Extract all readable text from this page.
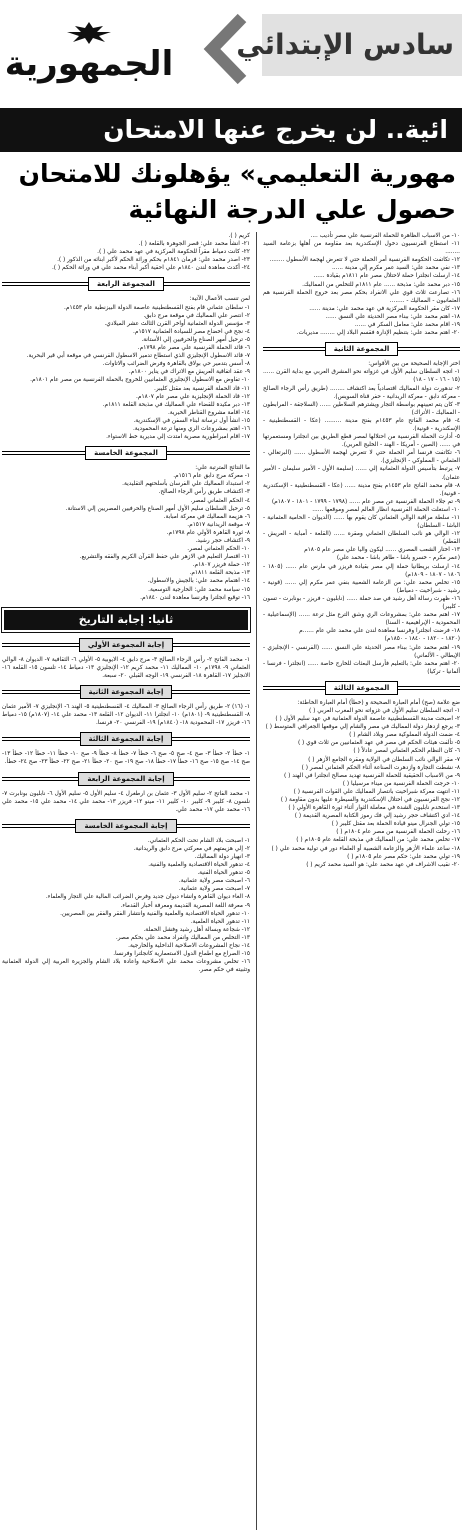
الجمهورية سادس الإبتدائي
ائية.. لن يخرج عنها الامتحان
مهورية التعليمي» يؤهلونك للامتحان
حصول علي الدرجة النهائية

١٠- من الاسباب الظاهرة للحملة الفرنسية علي مصر تأديب ....

١١- استطاع الفرنسيون دخول الإسكندرية بعد مقاومة من أهلها بزعامة السيد ........

١٢- تكاتفت الحكومة الفرنسية أمر الحملة حتي لا تتعرض لهجمة الأسطول ........

١٣- نفي محمد علي: السيد عمر مكرم إلي مدينة ......

١٤- ارسلت انجلترا حملة لاحتلال مصر عام ١٨١١م بقيادة ......

١٥- دبر محمد علي: مذبحة ...... عام ١٨١١م للتخلص من المماليك.

١٦- تصارعت ثلاث قوي علي الانفراد بحكم مصر بعد خروج الحملة الفرنسية هم العثمانيون - المماليك - ........

١٧- كان مقر الحكومة المركزية في عهد محمد علي: مدينة ......

١٨- اهتم محمد علي: ببناء مصر الحديثة علي النسق ......

١٩- اقام محمد علي: معامل السكر في ......

٢٠- اهتم محمد علي: بتنظيم الإدارة فقسم البلاد إلي ........ مديريات.

المجموعة الثانية

اختر الإجابة الصحيحة من بين الأقواس:

١- اتجه السلطان سليم الأول في غزواته نحو المشرق العربي مع بداية القرن ...... (١٥ - ١٦ - ١٧ - ١٨)

٢- تدهورت دولة المماليك اقتصادياً بعد اكتشاف ........ (طريق رأس الرجاء الصالح - معركة دابق - معركة الريدانية - حفر قناة السويس).

٣- كان يتم تعيينهم بواسطة التجار ويشترهم السلاطين ...... (السلاجقة - المرابطون - المماليك - الأتراك)

٤- قام محمد الفاتح عام ١٤٥٣م بفتح مدينة ......... (عكا - القسطنطينية - الإسكندرية - قونية).

٥- أدارت الحملة الفرنسية من احتلالها لمصر قطع الطريق بين انجلترا ومستعمرتها في ...... (الصين - أمريكا - الهند - الخليج العربي).

٦- تكاتفت فرنسا أمر الحملة حتي لا تتعرض لهجمة الأسطول ...... (البرتغالي - العثماني - المملوكي - الإنجليزي).

٧- يرتبط بتأسيس الدولة العثمانية إلي ...... (سليمة الأول - الأمير سليمان - الأمير عثمان).

٨- قام محمد الفاتح عام ١٤٥٣م بفتح مدينة ...... (عكا - القسطنطينية - الإسكندرية - قونية).

٩- تم جلاء الحملة الفرنسية عن مصر عام ...... (١٧٩٨ - ١٧٩٩ - ١٨٠١ - ١٨٠٧م)

١٠- استغلت الحملة الفرنسية انظار العالم لمصر وموقعها ......

١١- سلطة مراقبة الوالي العثماني كان يقوم بها ...... (الديوان - الحامية العثمانية - الباشا - السلطان)

١٢- الوالي هو نائب السلطان العثماني ومقره ...... (القلعة - أمبابة - العريش - القطم)

١٣- اختار الشعب المصري ...... ليكون واليا علي مصر عام ١٨٠٥م

(عمر مكرم - خسرو باشا - طاهر باشا - محمد علي)

١٤- ارسلت بريطانيا حملة إلي مصر بقيادة فريزر في مارس عام ...... (١٨٠٥ - ١٨٠٦ - ١٨٠٧ - ١٨٠٩م)

١٥- تخلص محمد علي: من الزعامة الشعبية بنفي عمر مكرم إلي ...... (قونية - رشيد - شبراخيت - دمياط)

١٦- ظهرت رسالة أهل رشيد في صد حملة ...... (نابليون - فريزر - بونابرت - تسون - كليبر)

١٧- اهتم محمد علي: بمشروعات الري وشق الترع مثل ترعة ...... (الإسماعيلية - المحمودية - الإبراهيمية - السنا)

١٨- فرضت انجلترا وفرنسا معاهدة لندن علي محمد علي عام ......م

(١٨٢٠ - ١٨٢٠ - ١٨٤٠ - ١٨٥٠م)

١٩- اهتم محمد علي: ببناء مصر الحديثة علي النسق ...... (الفرنسي - الإنجليزي - الإيطالي - الألماني)

٢٠- اهتم محمد علي: بالتعليم فأرسل البعثات للخارج خاصة ...... (انجلترا - فرنسا - ألمانيا - تركيا)

المجموعة الثالثة

ضع علامة (صح) أمام العبارة الصحيحة و (خطأ) أمام العبارة الخاطئة:

١- اتجه السلطان سليم الأول في غزواته نحو المغرب العربي ( )

٢- اصبحت مدينة القسطنطينية عاصمة الدولة العثمانية في عهد سليم الأول ( )

٣- يرجع ازدهار دولة المماليك في مصر والشام إلي موقعها الجغرافي المتوسط ( )

٤- ضمت الدولة المملوكية مصر وبلاد الشام ( )

٥- تألفت هيئات الحكم في مصر في عهد العثمانيين من ثلاث قوي ( )

٦- كان النظام الحكم العثماني لمصر عادلاً ( )

٧- مقر الوالي نائب السلطان في الولاية ومقره الجامع الأزهر ( )

٨- نشطت التجارة وازدهرت الصناعة أثناء الحكم العثماني لمصر ( )

٩- من الاسباب الحقيقية للحملة الفرنسية تهديد مصالح انجلترا في الهند ( )

١٠- خرجت الحملة الفرنسية من ميناء مرسيليا ( )

١١- انتهت معركة شبراخيت بانتصار المماليك علي القوات الفرنسية ( )

١٢- نجح الفرنسيون في احتلال الإسكندرية والسيطرة عليها بدون مقاومة ( )

١٣- استخدم نابليون الشدة في معاملة الثوار أثناء ثورة القاهرة الأولي ( )

١٤- ادي اكتشاف حجر رشيد إلي فك رموز الكتابة المصرية القديمة ( )

١٥- تولي الجنرال مينو قيادة الحملة بعد مقتل كليبر ( )

١٦- رحلت الحملة الفرنسية من مصر عام ١٨٠٤م ( )

١٧- تخلص محمد علي: من المماليك في مذبحة القلعة عام ١٨٠٥م ( )

١٨- ساعد علماء الأزهر والزعامة الشعبية أو العلماء دور في تولية محمد علي ( )

١٩- تولي محمد علي: حكم مصر عام ١٨٠٥م ( )

٢٠- نقيب الاشراف في عهد محمد علي: هو السيد محمد كريم ( )

كريم ( ).

٢١- انشأ محمد علي: قصر الجوهرة بالقلعة ( ).

٢٢- كانت دمياط مقراً للحكومة المركزية في عهد محمد علي ( ).

٢٣- اصدر محمد علي: فرمان ١٨٤١م بحكم وراثة الحكم لأكبر ابنائه من الذكور ( ).

٢٤- أكدت معاهدة لندن ١٨٤٠م علي احقية أكبر أبناء محمد علي في وراثة الحكم ( ).

المجموعة الرابعة

لمن تنسب الأعمال الآتية:

١- سلطان عثماني قام بفتح القسطنطينية عاصمة الدولة البيزنطية عام ١٤٥٣م.

٢- انتصر علي المماليك في موقعة مرج دابق.

٣- مؤسس الدولة العثمانية أواخر القرن الثالث عشر الميلادي.

٤- نجح في اخضاع مصر للسيادة العثمانية ١٥١٧م.

٥- ترحيل أمهر الصناع والحرفيين إلي الأستانة.

٦- قائد الحملة الفرنسية علي مصر عام ١٧٩٨م.

٧- قائد الاسطول الإنجليزي الذي استطاع تدمير الاسطول الفرنسي في موقعة أبي قير البحرية.

٨- أسس بتدمير حي بولاق بالقاهرة وفرض الضرائب والاتاوات.

٩- عقد اتفاقية العريش مع الاتراك في يناير ١٨٠٠م.

١٠- تفاوض مع الاسطول الإنجليزي العثمانيين للخروج بالحملة الفرنسية من مصر عام ١٨٠١م.

١١- قاد الحملة الفرنسية بعد مقتل كليبر.

١٢- قاد الحملة الإنجليزية علي مصر عام ١٨٠٧م.

١٣- دبر مكيدة للقضاء علي المماليك في مذبحة القلعة ١٨١١م.

١٤- اقامة مشروع القناطر الخيرية.

١٥- انشأ أول ترسانة لبناء السفن في الإسكندرية.

١٦- اهتم بمشروعات الري ومنها ترعة المحمودية.

١٧- اقام امبراطورية مصرية امتدت إلي مديرية خط الاستواء.

المجموعة الخامسة

ما النتائج المترتبة علي:

١- معركة مرج دابق عام ١٥١٦م.

٢- استبداد المماليك علي الفرسان بأسلحتهم التقليدية.

٣- اكتشاف طريق رأس الرجاء الصالح.

٤- الحكم العثماني لمصر.

٥- ترحيل السلطان سليم الأول أمهر الصناع والحرفيين المصريين إلي الاستانة.

٦- هزيمة المماليك في معركة امبابة.

٧- موقعة الريدانية ١٥١٧م.

٨- ثورة القاهرة الأولي عام ١٧٩٨م.

٩- اكتشاف حجر رشيد.

١٠- الحكم العثماني لمصر.

١١- اقتصار التعليم في الازهر علي حفظ القرآن الكريم والفقه والتشريع.

١٢- حملة فريزر ١٨٠٧م.

١٣- مذبحة القلعة ١٨١١م.

١٤- اهتمام محمد علي: بالجيش والاسطول.

١٥- سياسة محمد علي: الخارجية التوسعية.

١٦- توقيع انجلترا وفرنسا معاهدة لندن ١٨٤٠م.

ثانيا: إجابة التاريخ
إجابة المجموعة الأولي

١- محمد الفاتح ٢- رأس الرجاء الصالح ٣- مرج دابق ٤- الايوبية ٥- الأولي ٦- الثقافية ٧- الديوان ٨- الوالي العثماني ٩- ١٧٩٨م ١٠- المماليك ١١- محمد كريم ١٢- الإنجليزي ١٣- دمياط ١٤- تلسون ١٥- القلعة ١٦- الانجليز ١٧- القاهرة ١٨- الفرنسي ١٩- الوجه القبلي ٢٠- سبعة.

إجابة المجموعة الثانية

١- (١٦) ٢- طريق رأس الرجاء الصالح ٣- المماليك ٤- القسطنطينية ٥- الهند ٦- الإنجليزي ٧- الأمير عثمان ٨- القسطنطينية ٩- (١٨٠١م) ١٠- انجلترا ١١- الديوان ١٢- القلعة ١٣- محمد علي ١٤- (١٨٠٧م) ١٥- دمياط ١٦- فريزر ١٧- المحمودية ١٨- (١٨٤٠م) ١٩- الفرنسي ٢٠- فرنسا.

إجابة المجموعة الثالثة

١- خطأ ٢- خطأ ٣- صح ٤- صح ٥- صح ٦- خطأ ٧- خطأ ٨- خطأ ٩- صح ١٠- خطأ ١١- خطأ ١٢- خطأ ١٣- صح ١٤- صح ١٥- صح ١٦- خطأ ١٧- خطأ ١٨- صح ١٩- صح ٢٠- خطأ ٢١- صح ٢٢- خطأ ٢٣- صح ٢٤- خطأ.

إجابة المجموعة الرابعة

١- محمد الفاتح ٢- سليم الأول ٣- عثمان بن ارطغرل ٤- سليم الأول ٥- سليم الأول ٦- نابليون بونابرت ٧- نلسون ٨- كليبر ٩- كليبر ١٠- كليبر ١١- مينو ١٢- فريزر ١٣- محمد علي ١٤- محمد علي ١٥- محمد علي ١٦- محمد علي ١٧- محمد علي.

إجابة المجموعة الخامسة

١- اصبحت بلاد الشام تحت الحكم العثماني.

٢- إلي هزيمتهم في معركتي مرج دابق والريدانية.

٣- انهيار دولة المماليك.

٤- تدهور الحياة الاقتصادية والعلمية والفنية.

٥- تدهور الحياة الفنية.

٦- اصبحت مصر ولاية عثمانية.

٧- اصبحت مصر ولاية عثمانية.

٨- الغاء ديوان القاهرة وانشاء ديوان جديد وفرض الضرائب المالية علي التجار والعلماء.

٩- معرفة اللغة المصرية القديمة ومعرفة أخبار القدماء.

١٠- تدهور الحياة الاقتصادية والعلمية والفنية وانتشار الفقر والفقر بين المصريين.

١١- تدهور الحياة العلمية.

١٢- شجاعة وبسالة أهل رشيد وفشل الحملة.

١٣- التخلص من المماليك وانفراد محمد علي بحكم مصر.

١٤- نجاح المشروعات الاصلاحية الداخلية والخارجية.

١٥- الصراع مع اطماع الدول الاستعمارية كانجلترا وفرنسا.

١٦- تخلص مشروعات محمد علي الاصلاحية واعادة بلاد الشام والجزيرة العربية إلي الدولة العثمانية وتثبيته في حكم مصر.
